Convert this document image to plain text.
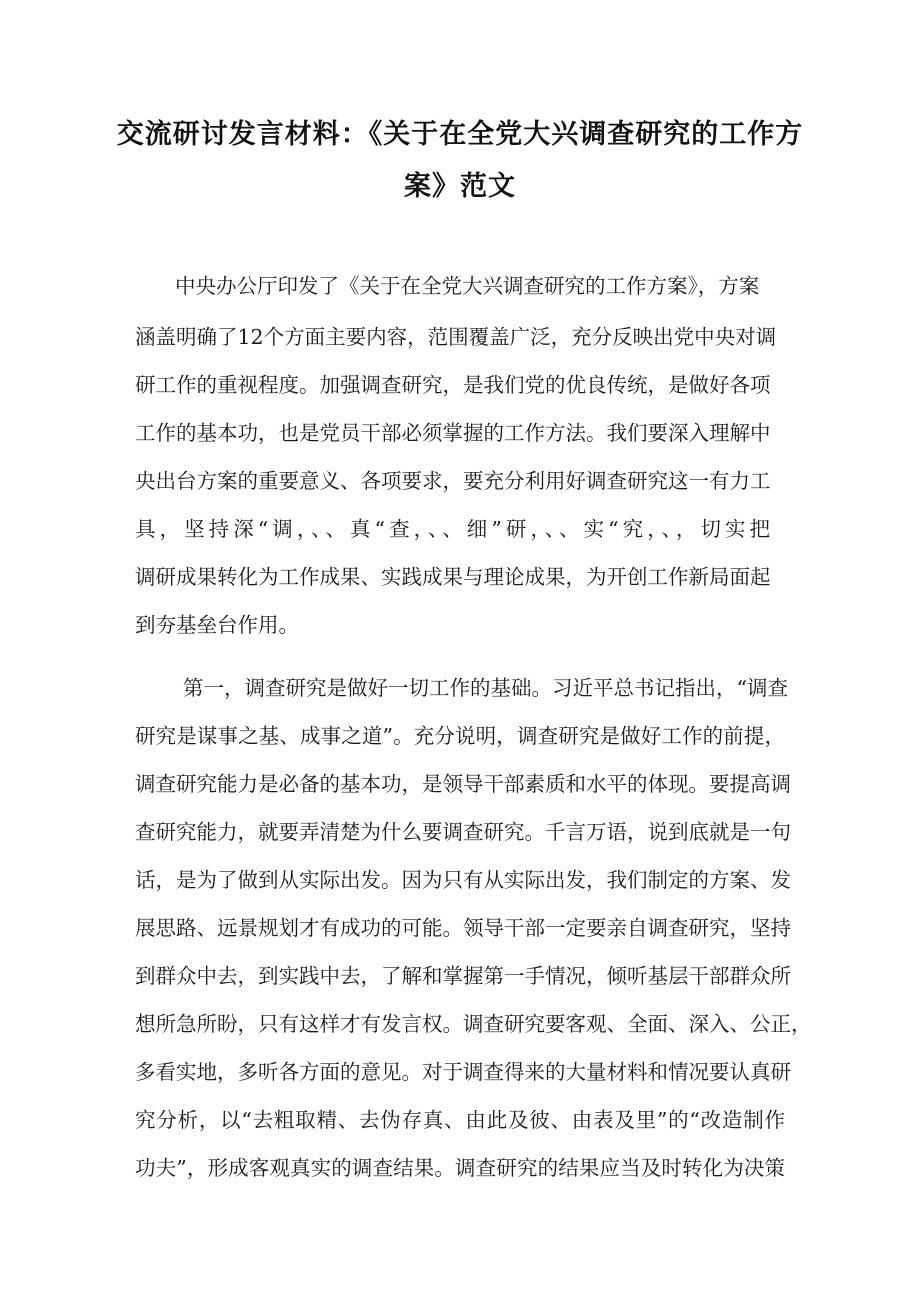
交流研讨发言材料：《关于在全党大兴调查研究的工作方
案》范文
中央办公厅印发了《关于在全党大兴调查研究的工作方案》，方案
涵盖明确了12个方面主要内容，范围覆盖广泛，充分反映出党中央对调
研工作的重视程度。加强调查研究，是我们党的优良传统，是做好各项
工作的基本功，也是党员干部必须掌握的工作方法。我们要深入理解中
央出台方案的重要意义、各项要求，要充分利用好调查研究这一有力工
具，坚持深“调，、、真“查，、、细”研，、、实“究，、，切实把
调研成果转化为工作成果、实践成果与理论成果，为开创工作新局面起
到夯基垒台作用。
第一，调查研究是做好一切工作的基础。习近平总书记指出，“调查
研究是谋事之基、成事之道”。充分说明，调查研究是做好工作的前提，
调查研究能力是必备的基本功，是领导干部素质和水平的体现。要提高调
查研究能力，就要弄清楚为什么要调查研究。千言万语，说到底就是一句
话，是为了做到从实际出发。因为只有从实际出发，我们制定的方案、发
展思路、远景规划才有成功的可能。领导干部一定要亲自调查研究，坚持
到群众中去，到实践中去，了解和掌握第一手情况，倾听基层干部群众所
想所急所盼，只有这样才有发言权。调查研究要客观、全面、深入、公正，
多看实地，多听各方面的意见。对于调查得来的大量材料和情况要认真研
究分析，以“去粗取精、去伪存真、由此及彼、由表及里”的“改造制作
功夫”，形成客观真实的调查结果。调查研究的结果应当及时转化为决策
